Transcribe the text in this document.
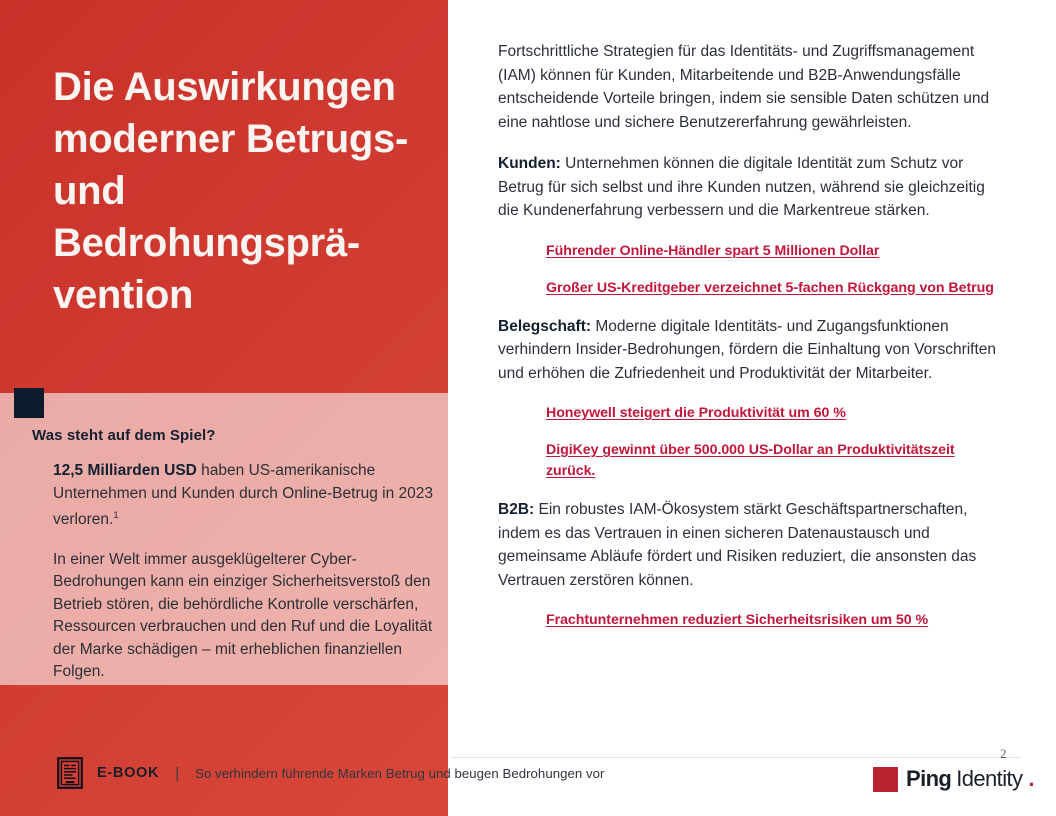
Die Auswirkungen moderner Betrugs- und Bedrohungsprä-vention
Was steht auf dem Spiel?

12,5 Milliarden USD haben US-amerikanische Unternehmen und Kunden durch Online-Betrug in 2023 verloren.$^1$

In einer Welt immer ausgeklügelterer Cyber-Bedrohungen kann ein einziger Sicherheitsverstoß den Betrieb stören, die behördliche Kontrolle verschärfen, Ressourcen verbrauchen und den Ruf und die Loyalität der Marke schädigen – mit erheblichen finanziellen Folgen.

Fortschrittliche Strategien für das Identitäts- und Zugriffsmanagement (IAM) können für Kunden, Mitarbeitende und B2B-Anwendungsfälle entscheidende Vorteile bringen, indem sie sensible Daten schützen und eine nahtlose und sichere Benutzererfahrung gewährleisten.

Kunden: Unternehmen können die digitale Identität zum Schutz vor Betrug für sich selbst und ihre Kunden nutzen, während sie gleichzeitig die Kundenerfahrung verbessern und die Markentreue stärken.

Führender Online-Händler spart 5 Millionen Dollar
Großer US-Kreditgeber verzeichnet 5-fachen Rückgang von Betrug

Belegschaft: Moderne digitale Identitäts- und Zugangsfunktionen verhindern Insider-Bedrohungen, fördern die Einhaltung von Vorschriften und erhöhen die Zufriedenheit und Produktivität der Mitarbeiter.

Honeywell steigert die Produktivität um 60 %
DigiKey gewinnt über 500.000 US-Dollar an Produktivitätszeit zurück.

B2B: Ein robustes IAM-Ökosystem stärkt Geschäftspartnerschaften, indem es das Vertrauen in einen sicheren Datenaustausch und gemeinsame Abläufe fördert und Risiken reduziert, die ansonsten das Vertrauen zerstören können.

Frachtunternehmen reduziert Sicherheitsrisiken um 50 %
E-BOOK | So verhindern führende Marken Betrug und beugen Bedrohungen vor
2
Ping Identity .
